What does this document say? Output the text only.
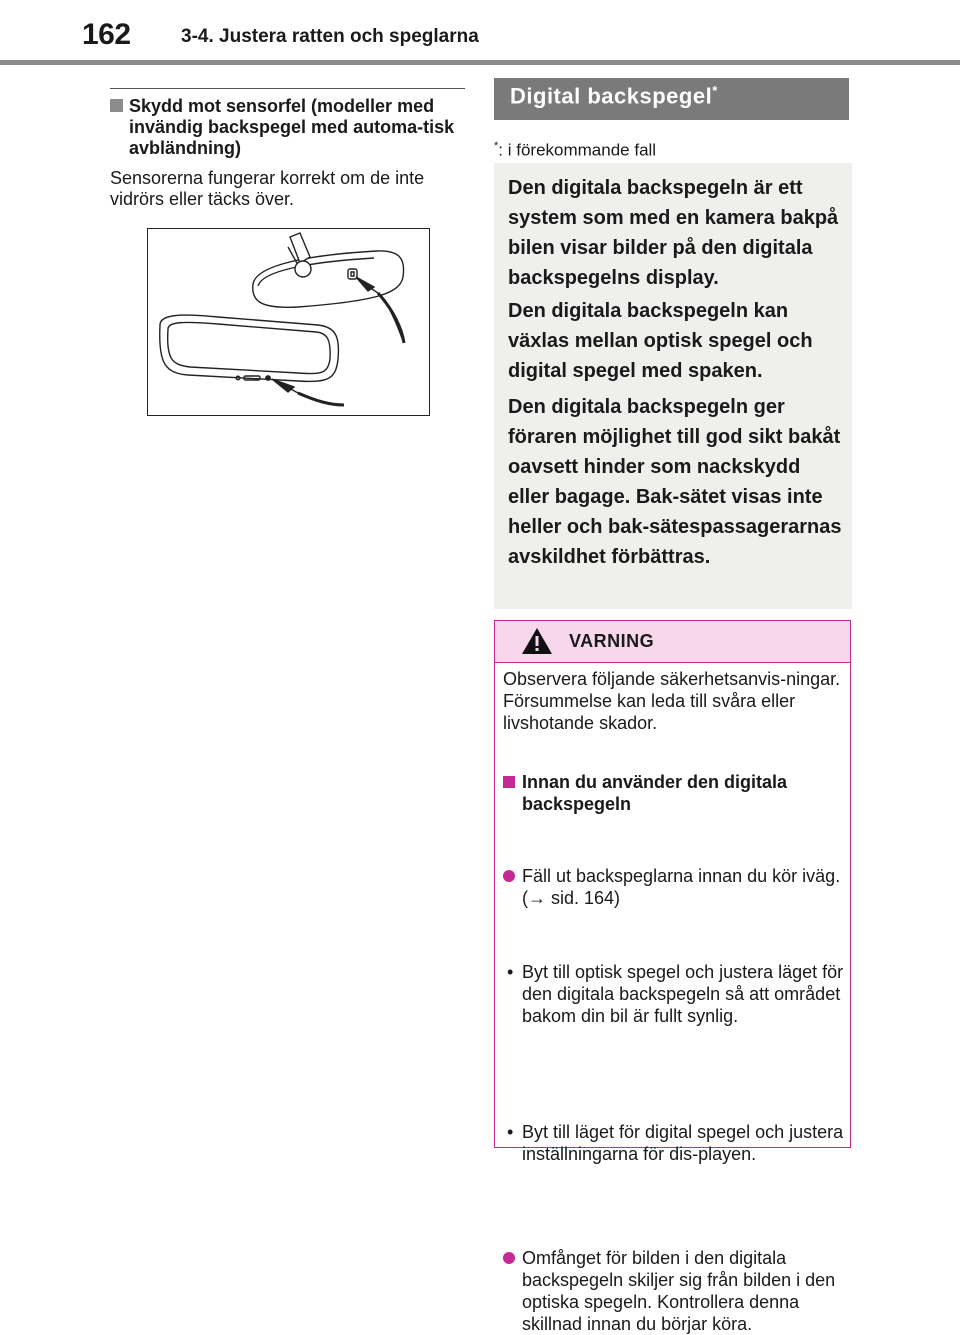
162	3-4. Justera ratten och speglarna
Skydd mot sensorfel (modeller med invändig backspegel med automa-tisk avbländning)
Sensorerna fungerar korrekt om de inte vidrörs eller täcks över.
Digital backspegel*
*: i förekommande fall

Den digitala backspegeln är ett system som med en kamera bakpå bilen visar bilder på den digitala backspegelns display.

Den digitala backspegeln kan växlas mellan optisk spegel och digital spegel med spaken.

Den digitala backspegeln ger föraren möjlighet till god sikt bakåt oavsett hinder som nackskydd eller bagage. Bak-sätet visas inte heller och bak-sätespassagerarnas avskildhet förbättras.

VARNING
Observera följande säkerhetsanvis-ningar.
Försummelse kan leda till svåra eller livshotande skador.
Innan du använder den digitala backspegeln
Fäll ut backspeglarna innan du kör iväg. (→ sid. 164)
• Byt till optisk spegel och justera läget för den digitala backspegeln så att området bakom din bil är fullt synlig.
• Byt till läget för digital spegel och justera inställningarna för dis-playen.
Omfånget för bilden i den digitala backspegeln skiljer sig från bilden i den optiska spegeln. Kontrollera denna skillnad innan du börjar köra.
